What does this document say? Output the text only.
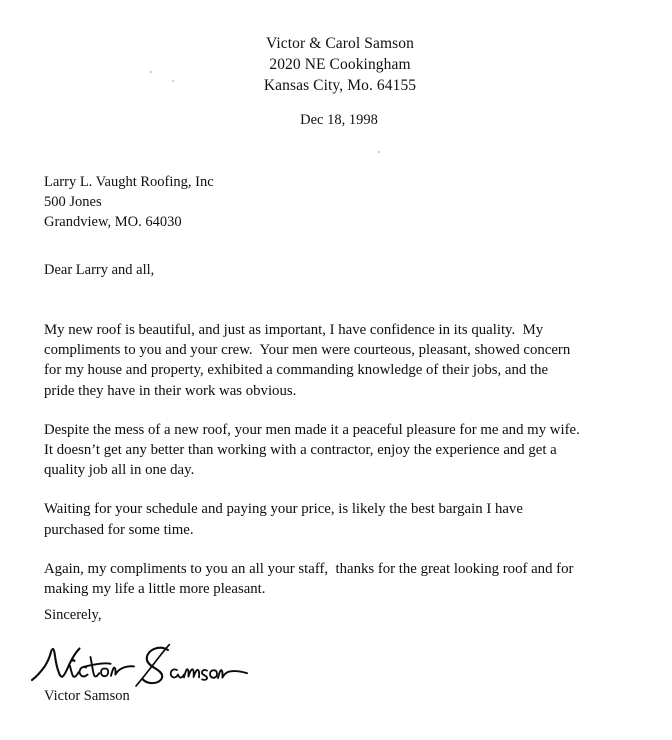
Victor & Carol Samson
2020 NE Cookingham
Kansas City, Mo. 64155
Dec 18, 1998
Larry L. Vaught Roofing, Inc
500 Jones
Grandview, MO. 64030
Dear Larry and all,

My new roof is beautiful, and just as important, I have confidence in its quality.  My
compliments to you and your crew.  Your men were courteous, pleasant, showed concern
for my house and property, exhibited a commanding knowledge of their jobs, and the
pride they have in their work was obvious.

Despite the mess of a new roof, your men made it a peaceful pleasure for me and my wife.
It doesn’t get any better than working with a contractor, enjoy the experience and get a
quality job all in one day.

Waiting for your schedule and paying your price, is likely the best bargain I have
purchased for some time.

Again, my compliments to you an all your staff,  thanks for the great looking roof and for
making my life a little more pleasant.

Sincerely,
Victor Samson
